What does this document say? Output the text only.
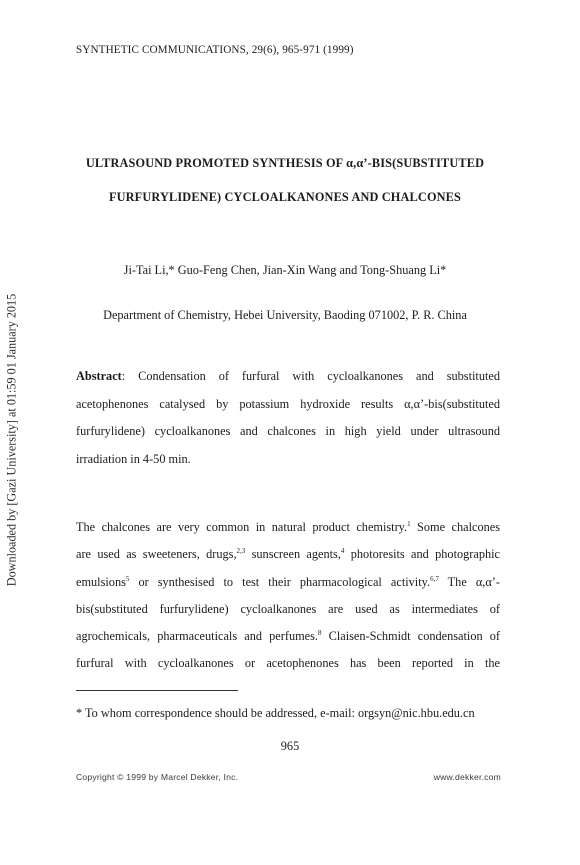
Downloaded by [Gazi University] at 01:59 01 January 2015
SYNTHETIC COMMUNICATIONS, 29(6), 965-971 (1999)
ULTRASOUND PROMOTED SYNTHESIS OF α,α’-BIS(SUBSTITUTED
FURFURYLIDENE) CYCLOALKANONES AND CHALCONES
Ji-Tai Li,* Guo-Feng Chen, Jian-Xin Wang and Tong-Shuang Li*
Department of Chemistry, Hebei University, Baoding 071002, P. R. China
Abstract: Condensation of furfural with cycloalkanones and substituted
acetophenones catalysed by potassium hydroxide results α,α’-bis(substituted
furfurylidene) cycloalkanones and chalcones in high yield under ultrasound
irradiation in 4-50 min.
The chalcones are very common in natural product chemistry.$^1$ Some chalcones
are used as sweeteners, drugs,$^{2,3}$ sunscreen agents,$^4$ photoresits and photographic
emulsions$^5$ or synthesised to test their pharmacological activity.$^{6,7}$ The α,α’-
bis(substituted furfurylidene) cycloalkanones are used as intermediates of
agrochemicals, pharmaceuticals and perfumes.$^8$ Claisen-Schmidt condensation of
furfural with cycloalkanones or acetophenones has been reported in the
* To whom correspondence should be addressed, e-mail: orgsyn@nic.hbu.edu.cn
965
Copyright © 1999 by Marcel Dekker, Inc.	www.dekker.com
